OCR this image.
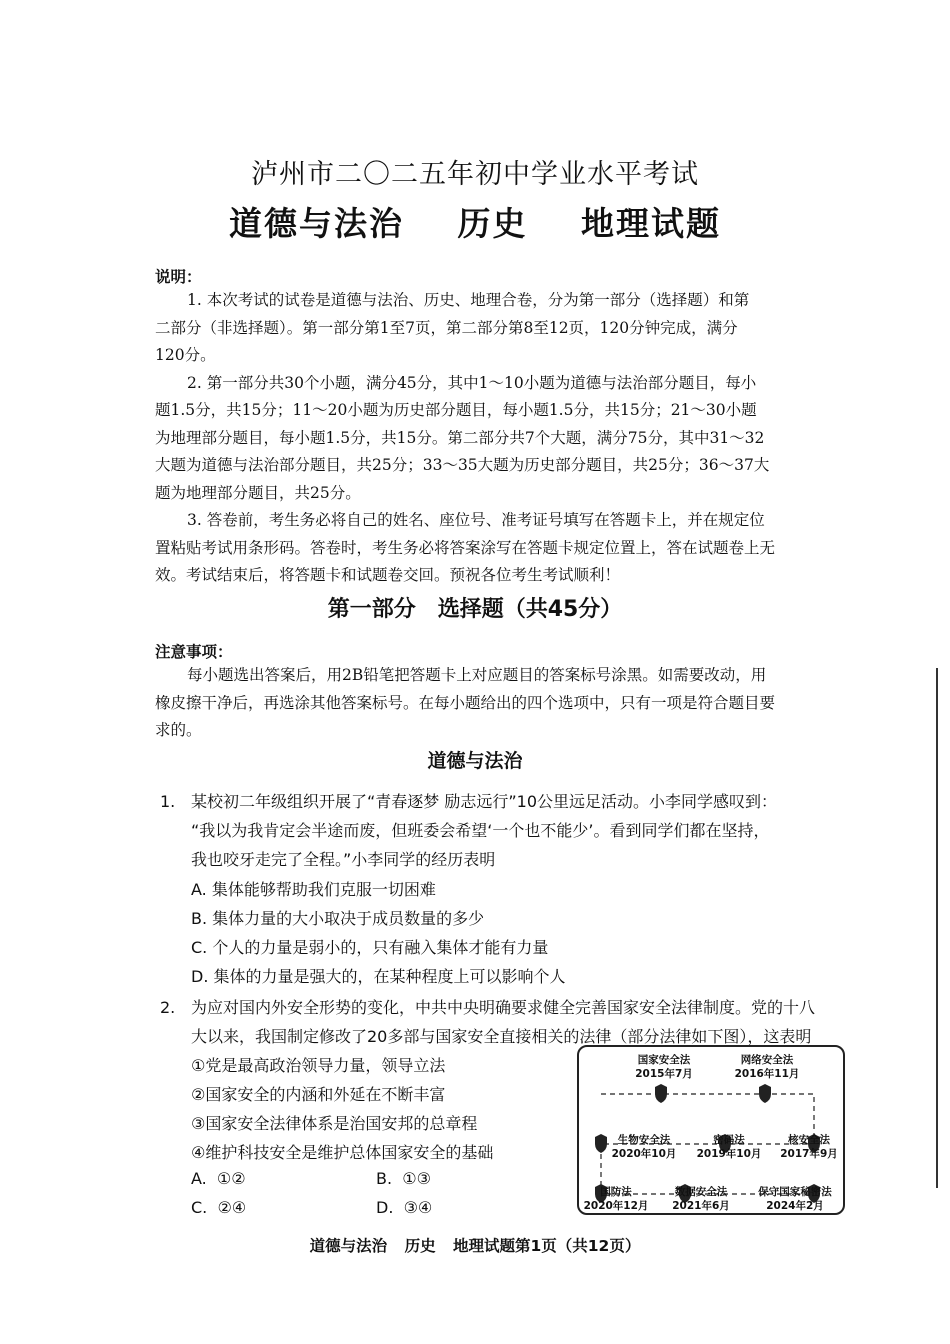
泸州市二〇二五年初中学业水平考试
道德与法治 历史 地理试题
说明：
1. 本次考试的试卷是道德与法治、历史、地理合卷，分为第一部分（选择题）和第
二部分（非选择题）。第一部分第1至7页，第二部分第8至12页，120分钟完成，满分
120分。
2. 第一部分共30个小题，满分45分，其中1～10小题为道德与法治部分题目，每小
题1.5分，共15分；11～20小题为历史部分题目，每小题1.5分，共15分；21～30小题
为地理部分题目，每小题1.5分，共15分。第二部分共7个大题，满分75分，其中31～32
大题为道德与法治部分题目，共25分；33～35大题为历史部分题目，共25分；36～37大
题为地理部分题目，共25分。
3. 答卷前，考生务必将自己的姓名、座位号、准考证号填写在答题卡上，并在规定位
置粘贴考试用条形码。答卷时，考生务必将答案涂写在答题卡规定位置上，答在试题卷上无
效。考试结束后，将答题卡和试题卷交回。预祝各位考生考试顺利！
第一部分　选择题（共45分）
注意事项：
每小题选出答案后，用2B铅笔把答题卡上对应题目的答案标号涂黑。如需要改动，用
橡皮擦干净后，再选涂其他答案标号。在每小题给出的四个选项中，只有一项是符合题目要
求的。
道德与法治
1. 某校初二年级组织开展了“青春逐梦 励志远行”10公里远足活动。小李同学感叹到：
“我以为我肯定会半途而废，但班委会希望‘一个也不能少’。看到同学们都在坚持，
我也咬牙走完了全程。”小李同学的经历表明
A. 集体能够帮助我们克服一切困难
B. 集体力量的大小取决于成员数量的多少
C. 个人的力量是弱小的，只有融入集体才能有力量
D. 集体的力量是强大的，在某种程度上可以影响个人
2. 为应对国内外安全形势的变化，中共中央明确要求健全完善国家安全法律制度。党的十八
大以来，我国制定修改了20多部与国家安全直接相关的法律（部分法律如下图），这表明
①党是最高政治领导力量，领导立法
②国家安全的内涵和外延在不断丰富
③国家安全法律体系是治国安邦的总章程
④维护科技安全是维护总体国家安全的基础
A. ①②	B. ①③
C. ②④	D. ③④
国家安全法
2015年7月
网络安全法
2016年11月
生物安全法
2020年10月
密码法
2019年10月
核安全法
2017年9月
国防法
2020年12月
数据安全法
2021年6月
保守国家秘密法
2024年2月
道德与法治 历史 地理试题第1页（共12页）
